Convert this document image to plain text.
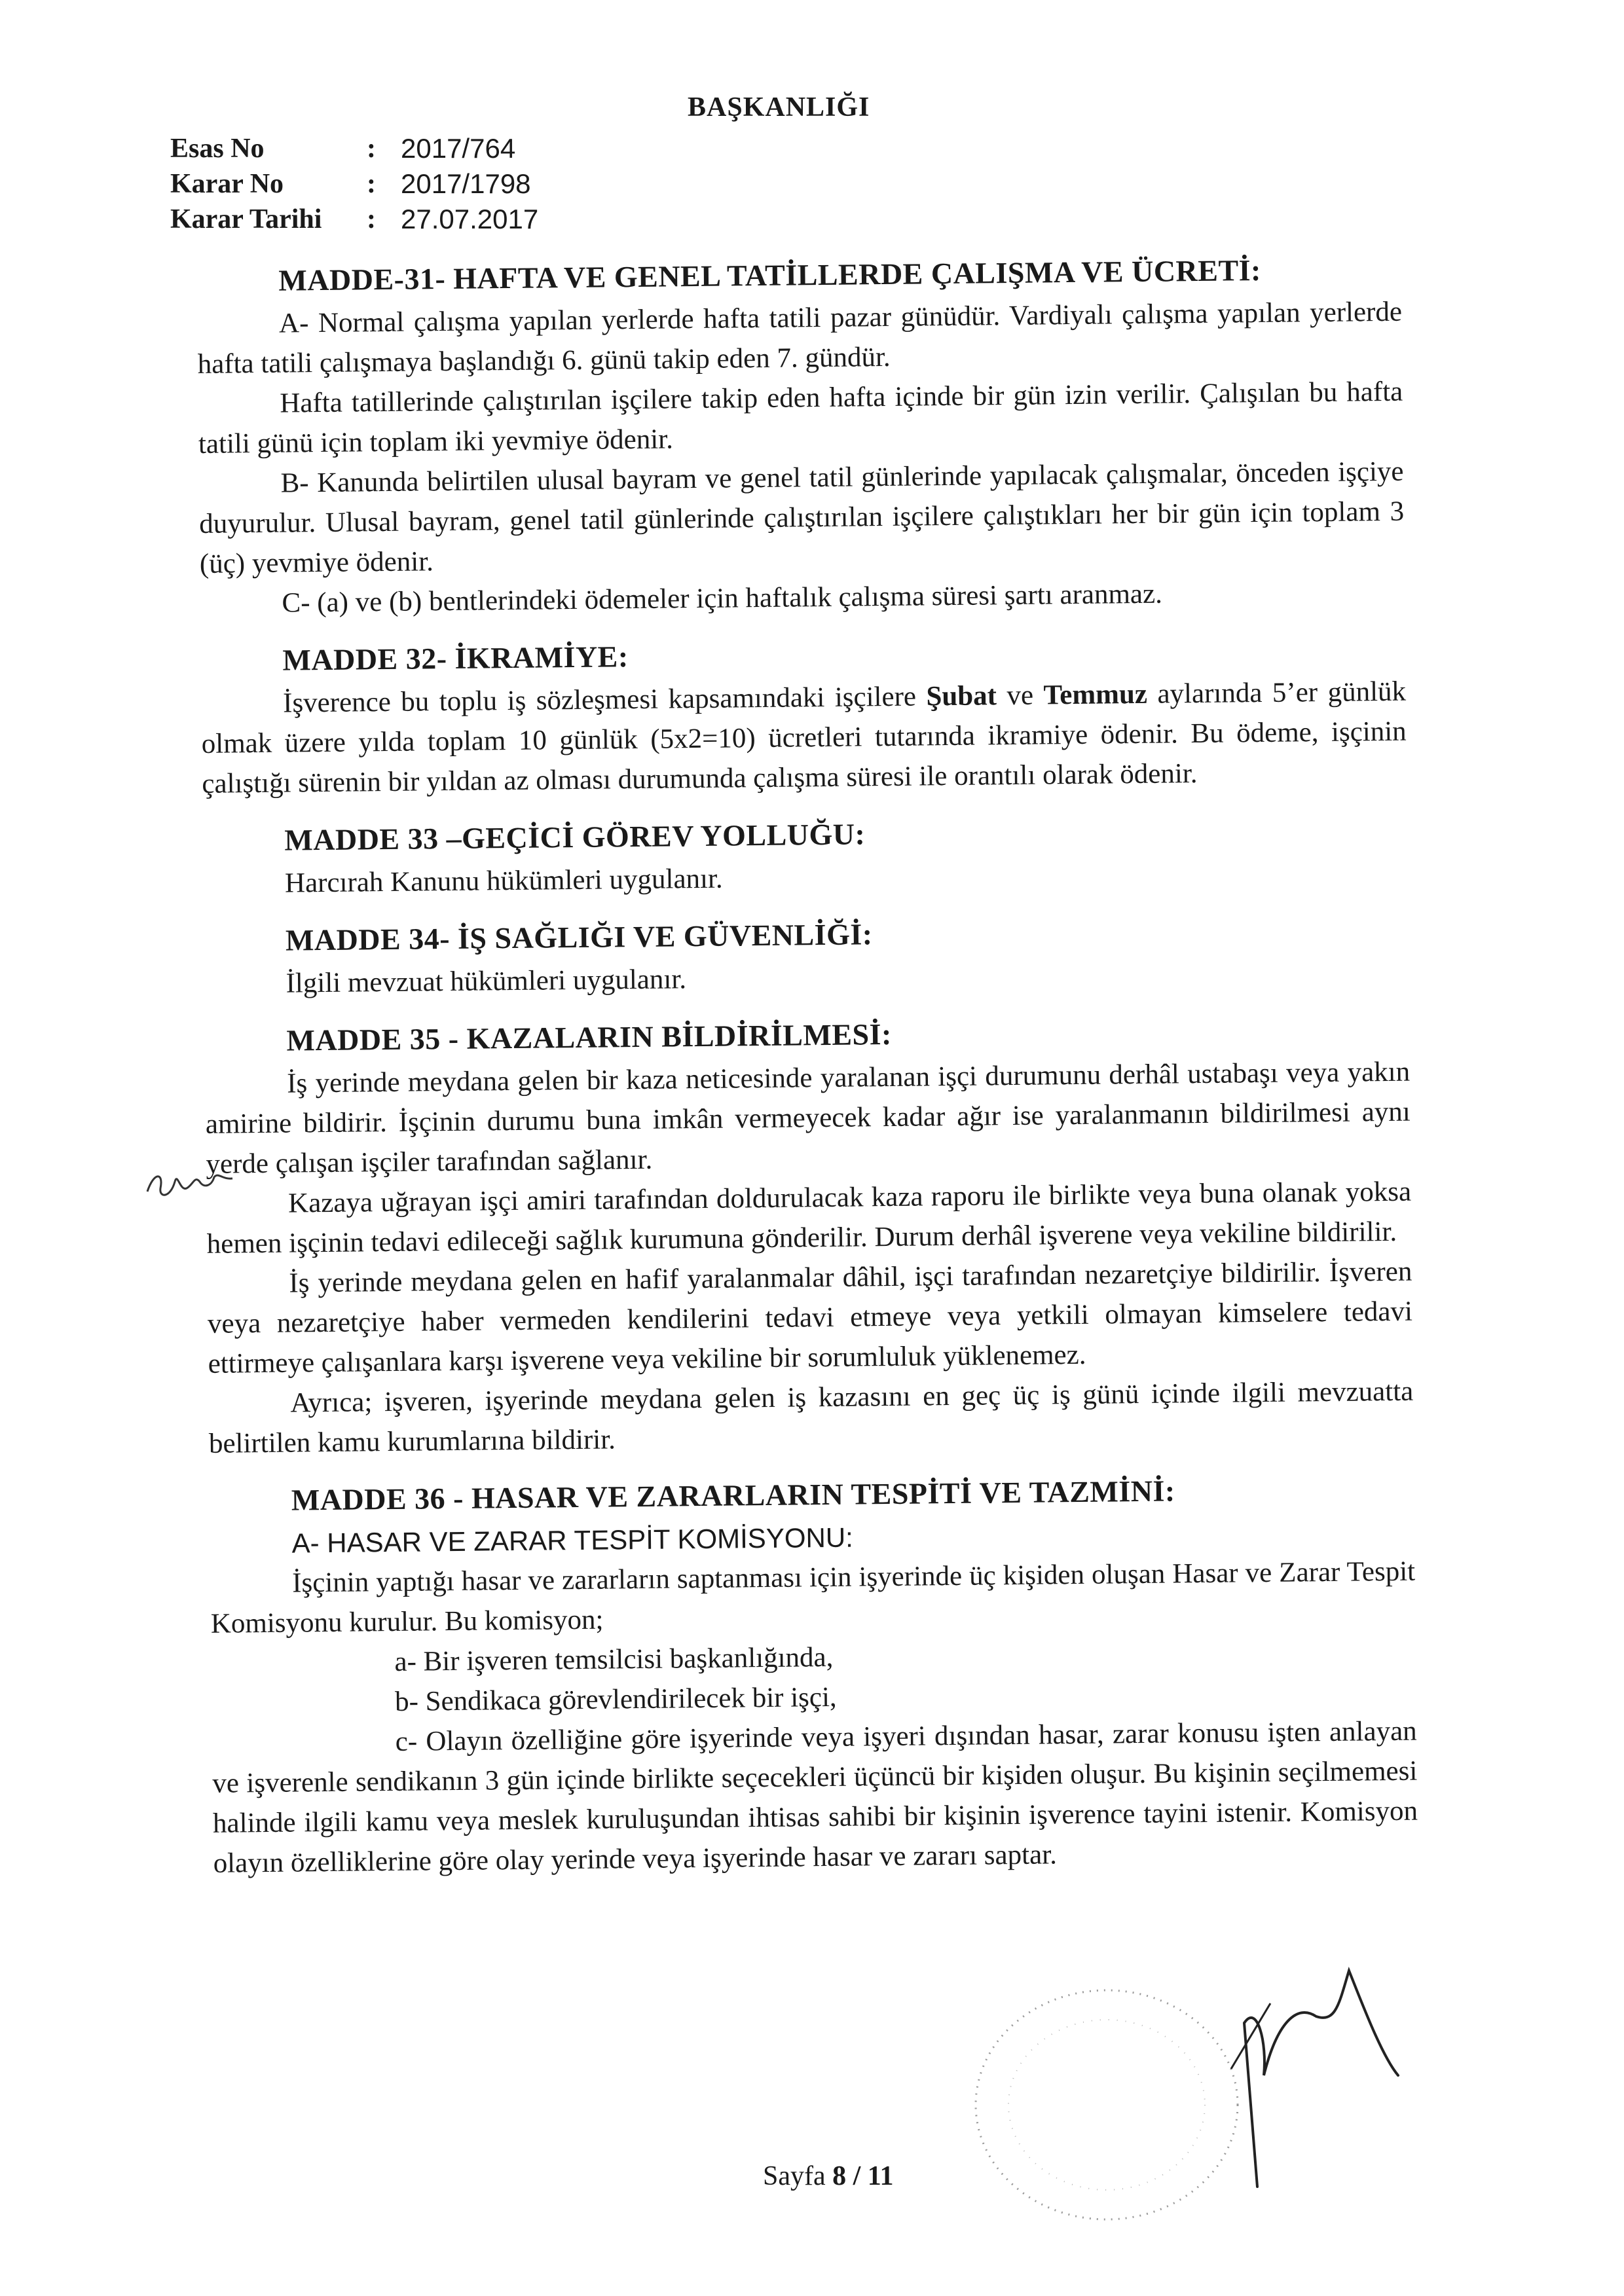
BAŞKANLIĞI
Esas No	: 2017/764
Karar No	: 2017/1798
Karar Tarihi	: 27.07.2017

MADDE-31- HAFTA VE GENEL TATİLLERDE ÇALIŞMA VE ÜCRETİ:

A- Normal çalışma yapılan yerlerde hafta tatili pazar günüdür. Vardiyalı çalışma yapılan yerlerde hafta tatili çalışmaya başlandığı 6. günü takip eden 7. gündür.

Hafta tatillerinde çalıştırılan işçilere takip eden hafta içinde bir gün izin verilir. Çalışılan bu hafta tatili günü için toplam iki yevmiye ödenir.

B- Kanunda belirtilen ulusal bayram ve genel tatil günlerinde yapılacak çalışmalar, önceden işçiye duyurulur. Ulusal bayram, genel tatil günlerinde çalıştırılan işçilere çalıştıkları her bir gün için toplam 3 (üç) yevmiye ödenir.

C- (a) ve (b) bentlerindeki ödemeler için haftalık çalışma süresi şartı aranmaz.

MADDE 32- İKRAMİYE:

İşverence bu toplu iş sözleşmesi kapsamındaki işçilere Şubat ve Temmuz aylarında 5’er günlük olmak üzere yılda toplam 10 günlük (5x2=10) ücretleri tutarında ikramiye ödenir. Bu ödeme, işçinin çalıştığı sürenin bir yıldan az olması durumunda çalışma süresi ile orantılı olarak ödenir.

MADDE 33 –GEÇİCİ GÖREV YOLLUĞU:

Harcırah Kanunu hükümleri uygulanır.

MADDE 34- İŞ SAĞLIĞI VE GÜVENLİĞİ:

İlgili mevzuat hükümleri uygulanır.

MADDE 35 - KAZALARIN BİLDİRİLMESİ:

İş yerinde meydana gelen bir kaza neticesinde yaralanan işçi durumunu derhâl ustabaşı veya yakın amirine bildirir. İşçinin durumu buna imkân vermeyecek kadar ağır ise yaralanmanın bildirilmesi aynı yerde çalışan işçiler tarafından sağlanır.

Kazaya uğrayan işçi amiri tarafından doldurulacak kaza raporu ile birlikte veya buna olanak yoksa hemen işçinin tedavi edileceği sağlık kurumuna gönderilir. Durum derhâl işverene veya vekiline bildirilir.

İş yerinde meydana gelen en hafif yaralanmalar dâhil, işçi tarafından nezaretçiye bildirilir. İşveren veya nezaretçiye haber vermeden kendilerini tedavi etmeye veya yetkili olmayan kimselere tedavi ettirmeye çalışanlara karşı işverene veya vekiline bir sorumluluk yüklenemez.

Ayrıca; işveren, işyerinde meydana gelen iş kazasını en geç üç iş günü içinde ilgili mevzuatta belirtilen kamu kurumlarına bildirir.

MADDE 36 - HASAR VE ZARARLARIN TESPİTİ VE TAZMİNİ:

A- HASAR VE ZARAR TESPİT KOMİSYONU:

İşçinin yaptığı hasar ve zararların saptanması için işyerinde üç kişiden oluşan Hasar ve Zarar Tespit Komisyonu kurulur. Bu komisyon;

a- Bir işveren temsilcisi başkanlığında,

b- Sendikaca görevlendirilecek bir işçi,

c- Olayın özelliğine göre işyerinde veya işyeri dışından hasar, zarar konusu işten anlayan ve işverenle sendikanın 3 gün içinde birlikte seçecekleri üçüncü bir kişiden oluşur. Bu kişinin seçilmemesi halinde ilgili kamu veya meslek kuruluşundan ihtisas sahibi bir kişinin işverence tayini istenir. Komisyon olayın özelliklerine göre olay yerinde veya işyerinde hasar ve zararı saptar.

Sayfa 8 / 11
